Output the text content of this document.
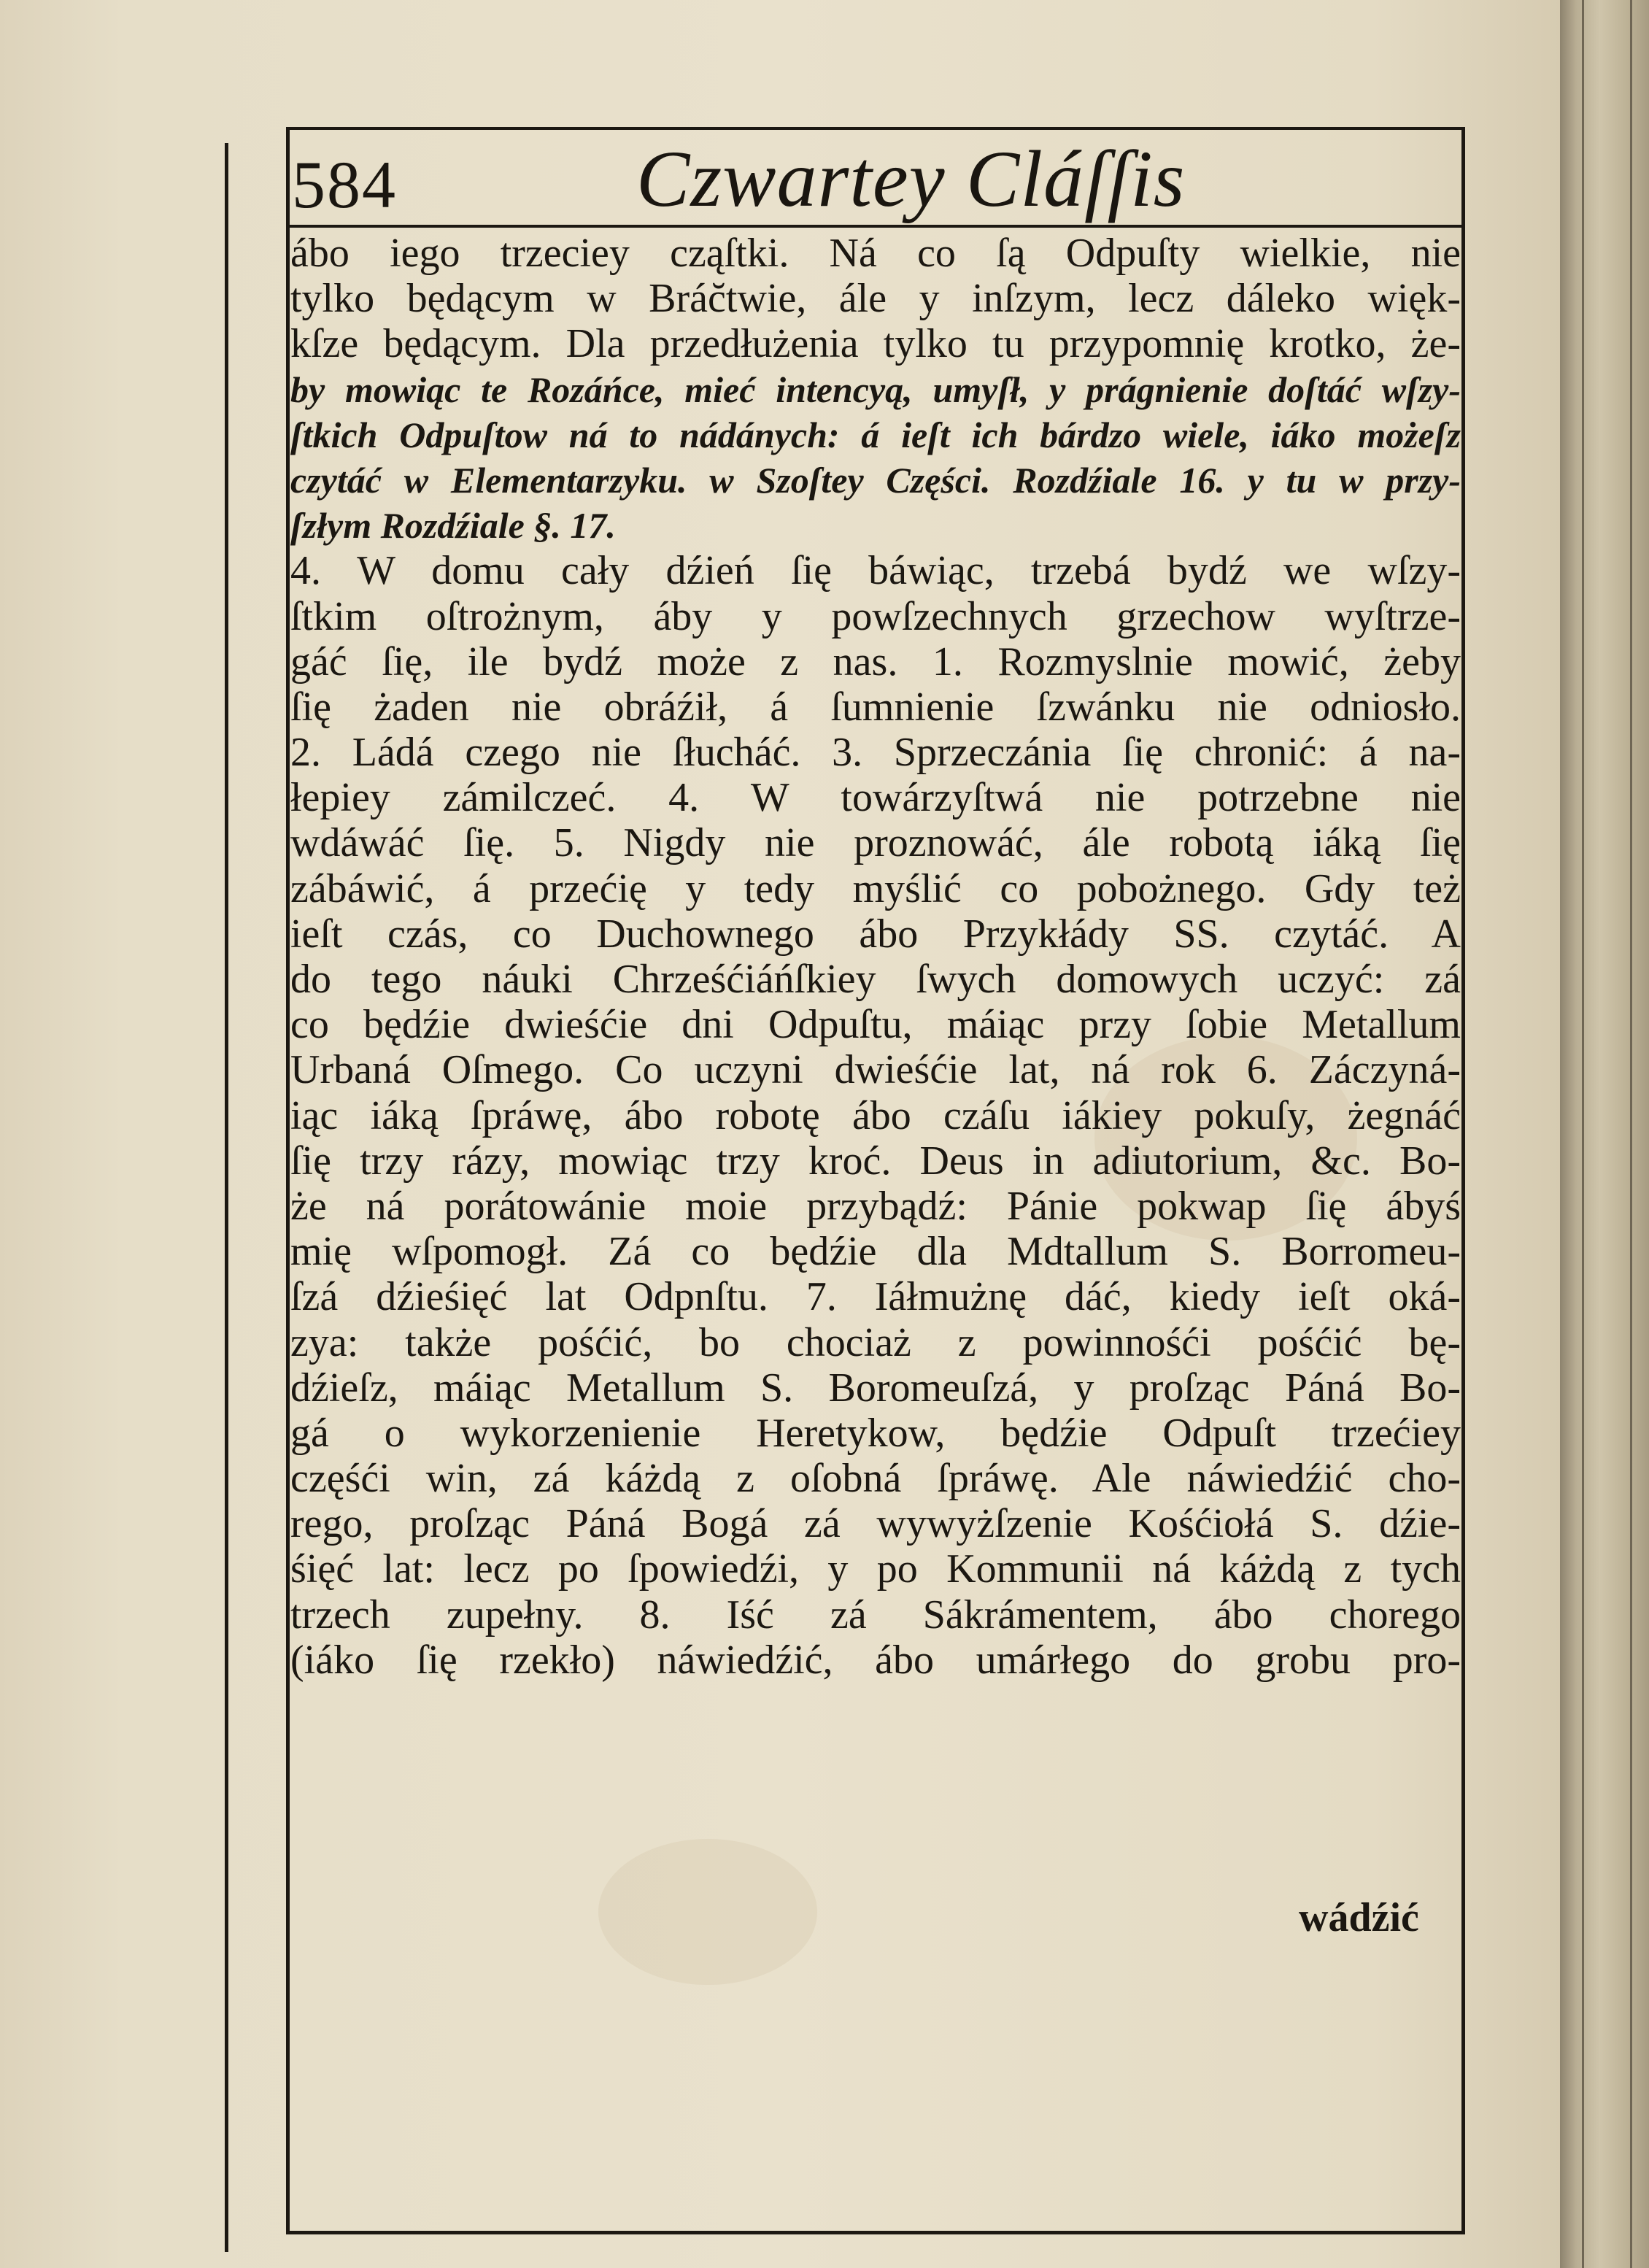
584	Czwartey Cláſſis
ábo iego trzeciey cząſtki. Ná co ſą Odpuſty wielkie, nie
tylko będącym w Brác̆twie, ále y inſzym, lecz dáleko więk-
kſze będącym. Dla przedłużenia tylko tu przypomnię krotko, że-
by mowiąc te Rozáńce, mieć intencyą, umyſł, y prágnienie doſtáć wſzy-
ſtkich Odpuſtow ná to nádánych: á ieſt ich bárdzo wiele, iáko możeſz
czytáć w Elementarzyku. w Szoſtey Części. Rozdźiale 16. y tu w przy-
ſzłym Rozdźiale §. 17.
4. W domu cały dźień ſię báwiąc, trzebá bydź we wſzy-
ſtkim oſtrożnym, áby y powſzechnych grzechow wyſtrze-
gáć ſię, ile bydź może z nas. 1. Rozmyslnie mowić, żeby
ſię żaden nie obráźił, á ſumnienie ſzwánku nie odniosło.
2. Ládá czego nie ſłucháć. 3. Sprzeczánia ſię chronić: á na-
łepiey zámilczeć. 4. W towárzyſtwá nie potrzebne nie
wdáwáć ſię. 5. Nigdy nie proznowáć, ále robotą iáką ſię
zábáwić, á przećię y tedy myślić co pobożnego. Gdy też
ieſt czás, co Duchownego ábo Przykłády SS. czytáć. A
do tego náuki Chrześćiáńſkiey ſwych domowych uczyć: zá
co będźie dwieśćie dni Odpuſtu, máiąc przy ſobie Metallum
Urbaná Oſmego. Co uczyni dwieśćie lat, ná rok 6. Záczyná-
iąc iáką ſpráwę, ábo robotę ábo czáſu iákiey pokuſy, żegnáć
ſię trzy rázy, mowiąc trzy kroć. Deus in adiutorium, &c. Bo-
że ná porátowánie moie przybądź: Pánie pokwap ſię ábyś
mię wſpomogł. Zá co będźie dla Mdtallum S. Borromeu-
ſzá dźieśięć lat Odpnſtu. 7. Iáłmużnę dáć, kiedy ieſt oká-
zya: także pośćić, bo chociaż z powinnośći pośćić bę-
dźieſz, máiąc Metallum S. Boromeuſzá, y proſząc Páná Bo-
gá o wykorzenienie Heretykow, będźie Odpuſt trzećiey
częśći win, zá káżdą z oſobná ſpráwę. Ale náwiedźić cho-
rego, proſząc Páná Bogá zá wywyżſzenie Kośćiołá S. dźie-
śięć lat: lecz po ſpowiedźi, y po Kommunii ná káżdą z tych
trzech zupełny. 8. Iść zá Sákrámentem, ábo chorego
(iáko ſię rzekło) náwiedźić, ábo umárłego do grobu pro-
wádźić
